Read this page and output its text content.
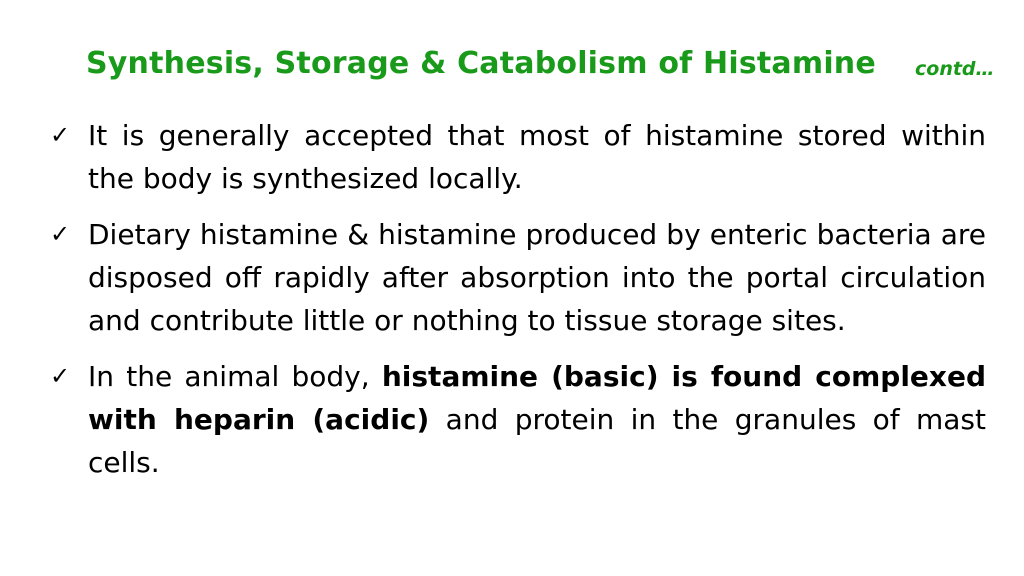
Synthesis, Storage & Catabolism of Histamine contd…
✓ It is generally accepted that most of histamine stored within the body is synthesized locally.
✓ Dietary histamine & histamine produced by enteric bacteria are disposed off rapidly after absorption into the portal circulation and contribute little or nothing to tissue storage sites.
✓ In the animal body, histamine (basic) is found complexed with heparin (acidic) and protein in the granules of mast cells.
